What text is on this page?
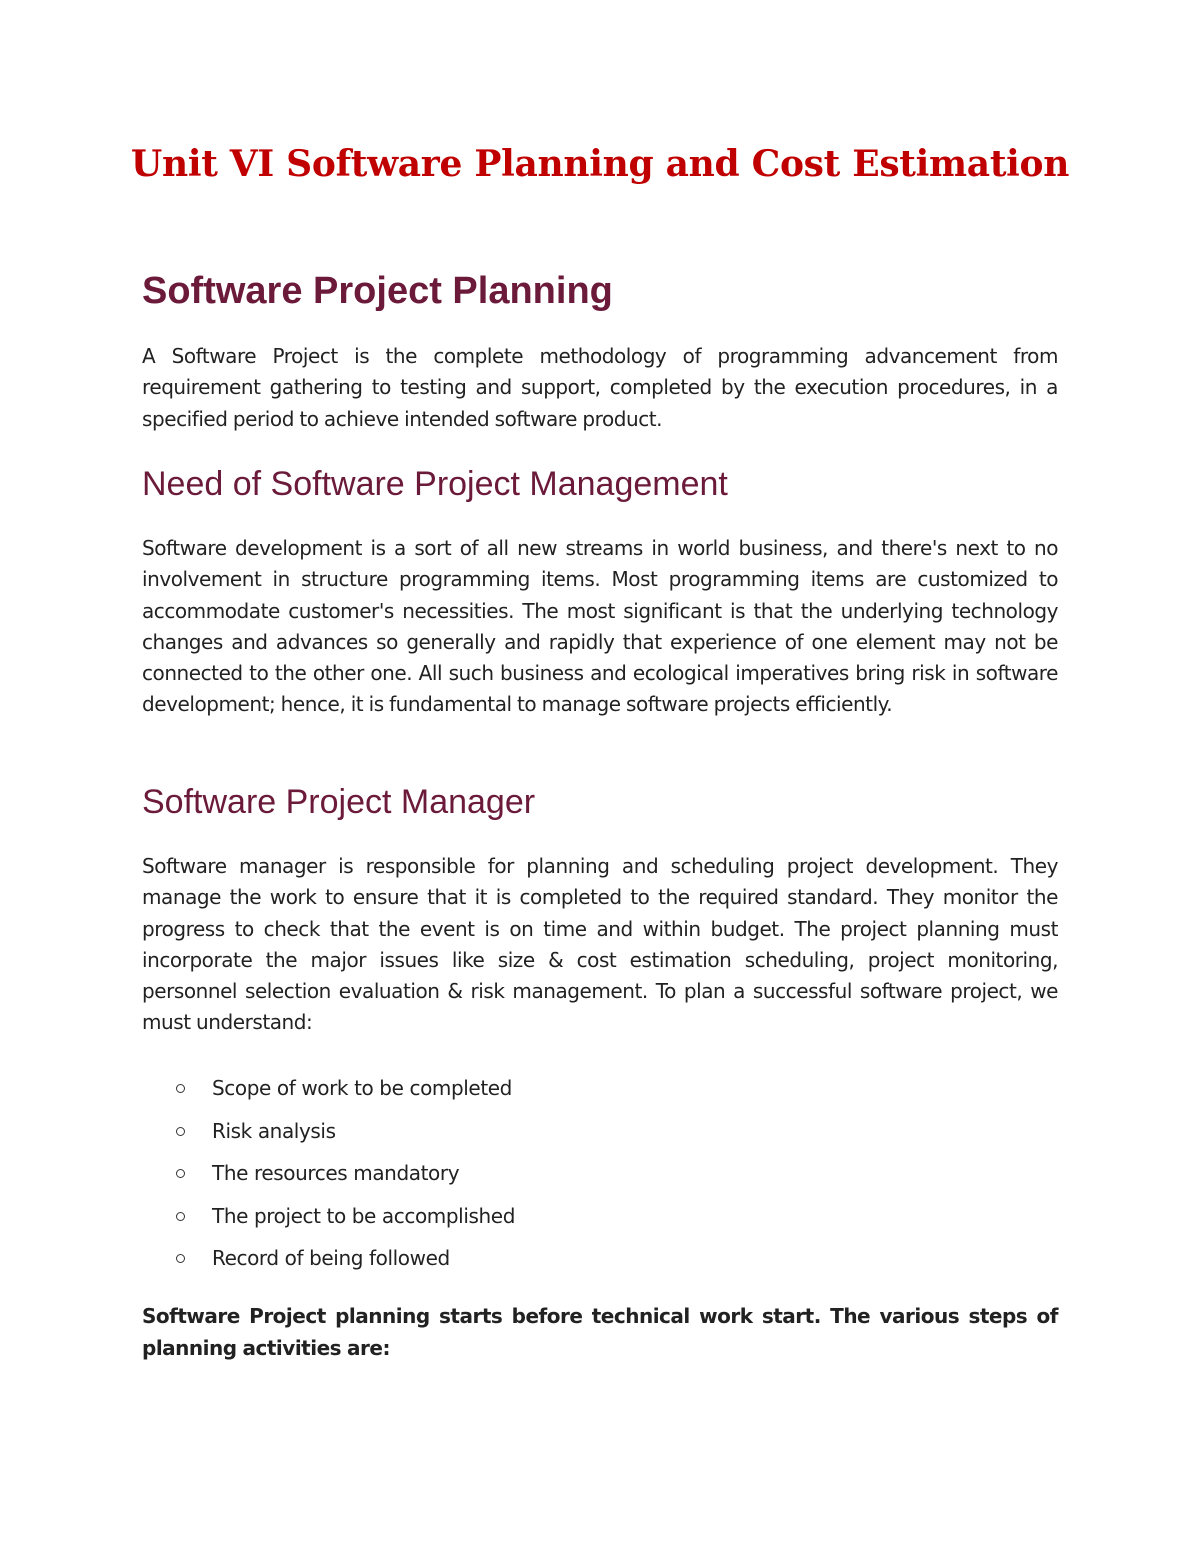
Unit VI Software Planning and Cost Estimation
Software Project Planning

A Software Project is the complete methodology of programming advancement from requirement gathering to testing and support, completed by the execution procedures, in a specified period to achieve intended software product.

Need of Software Project Management

Software development is a sort of all new streams in world business, and there's next to no involvement in structure programming items. Most programming items are customized to accommodate customer's necessities. The most significant is that the underlying technology changes and advances so generally and rapidly that experience of one element may not be connected to the other one. All such business and ecological imperatives bring risk in software development; hence, it is fundamental to manage software projects efficiently.

Software Project Manager

Software manager is responsible for planning and scheduling project development. They manage the work to ensure that it is completed to the required standard. They monitor the progress to check that the event is on time and within budget. The project planning must incorporate the major issues like size & cost estimation scheduling, project monitoring, personnel selection evaluation & risk management. To plan a successful software project, we must understand:

Scope of work to be completed
Risk analysis
The resources mandatory
The project to be accomplished
Record of being followed

Software Project planning starts before technical work start. The various steps of planning activities are:
